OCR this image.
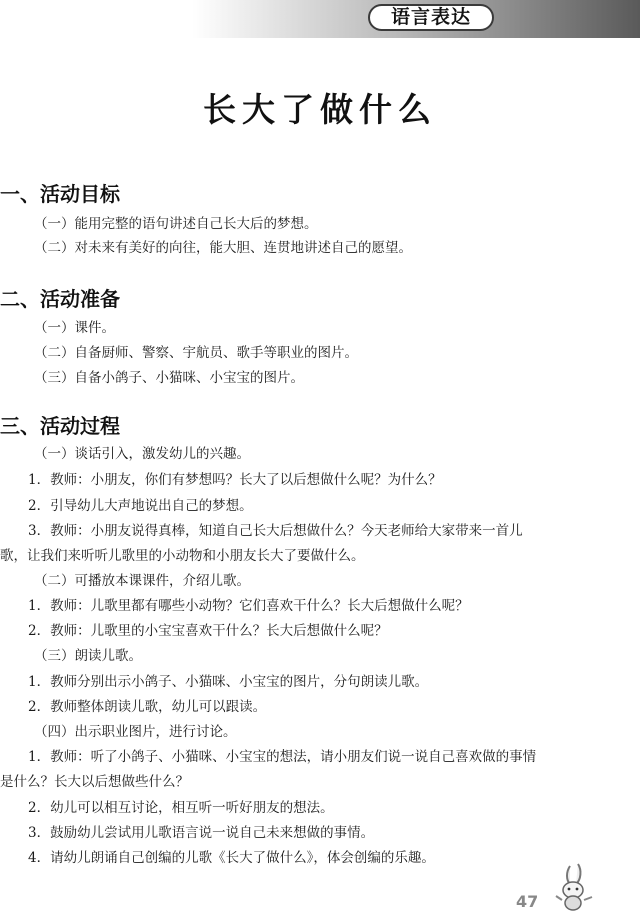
语言表达
长大了做什么
一、活动目标
（一）能用完整的语句讲述自己长大后的梦想。
（二）对未来有美好的向往，能大胆、连贯地讲述自己的愿望。
二、活动准备
（一）课件。
（二）自备厨师、警察、宇航员、歌手等职业的图片。
（三）自备小鸽子、小猫咪、小宝宝的图片。
三、活动过程
（一）谈话引入，激发幼儿的兴趣。
1．教师：小朋友，你们有梦想吗？长大了以后想做什么呢？为什么？
2．引导幼儿大声地说出自己的梦想。
3．教师：小朋友说得真棒，知道自己长大后想做什么？今天老师给大家带来一首儿
歌，让我们来听听儿歌里的小动物和小朋友长大了要做什么。
（二）可播放本课课件，介绍儿歌。
1．教师：儿歌里都有哪些小动物？它们喜欢干什么？长大后想做什么呢？
2．教师：儿歌里的小宝宝喜欢干什么？长大后想做什么呢？
（三）朗读儿歌。
1．教师分别出示小鸽子、小猫咪、小宝宝的图片，分句朗读儿歌。
2．教师整体朗读儿歌，幼儿可以跟读。
（四）出示职业图片，进行讨论。
1．教师：听了小鸽子、小猫咪、小宝宝的想法，请小朋友们说一说自己喜欢做的事情
是什么？长大以后想做些什么？
2．幼儿可以相互讨论，相互听一听好朋友的想法。
3．鼓励幼儿尝试用儿歌语言说一说自己未来想做的事情。
4．请幼儿朗诵自己创编的儿歌《长大了做什么》，体会创编的乐趣。
47
